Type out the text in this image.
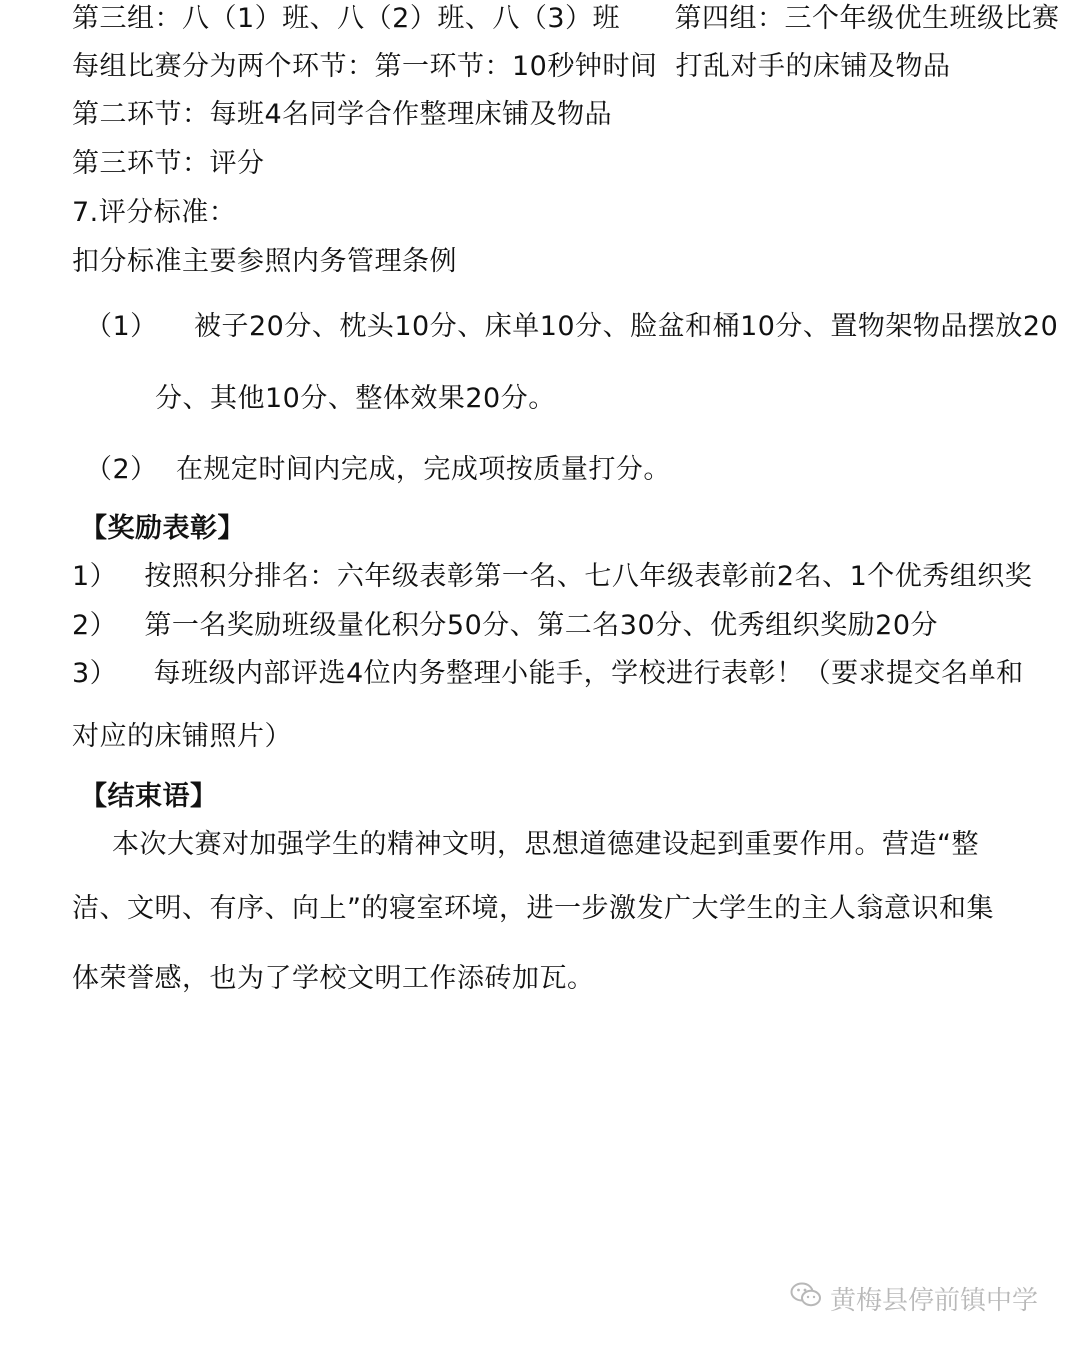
第三组：八（1）班、八（2）班、八（3）班      第四组：三个年级优生班级比赛
每组比赛分为两个环节：第一环节：10秒钟时间  打乱对手的床铺及物品
第二环节：每班4名同学合作整理床铺及物品
第三环节：评分
7.评分标准：
扣分标准主要参照内务管理条例
（1）    被子20分、枕头10分、床单10分、脸盆和桶10分、置物架物品摆放20
分、其他10分、整体效果20分。
（2）  在规定时间内完成，完成项按质量打分。
【奖励表彰】
1）   按照积分排名：六年级表彰第一名、七八年级表彰前2名、1个优秀组织奖
2）   第一名奖励班级量化积分50分、第二名30分、优秀组织奖励20分
3）    每班级内部评选4位内务整理小能手，学校进行表彰！（要求提交名单和
对应的床铺照片）
【结束语】
本次大赛对加强学生的精神文明，思想道德建设起到重要作用。营造“整
洁、文明、有序、向上”的寝室环境，进一步激发广大学生的主人翁意识和集
体荣誉感，也为了学校文明工作添砖加瓦。
黄梅县停前镇中学
